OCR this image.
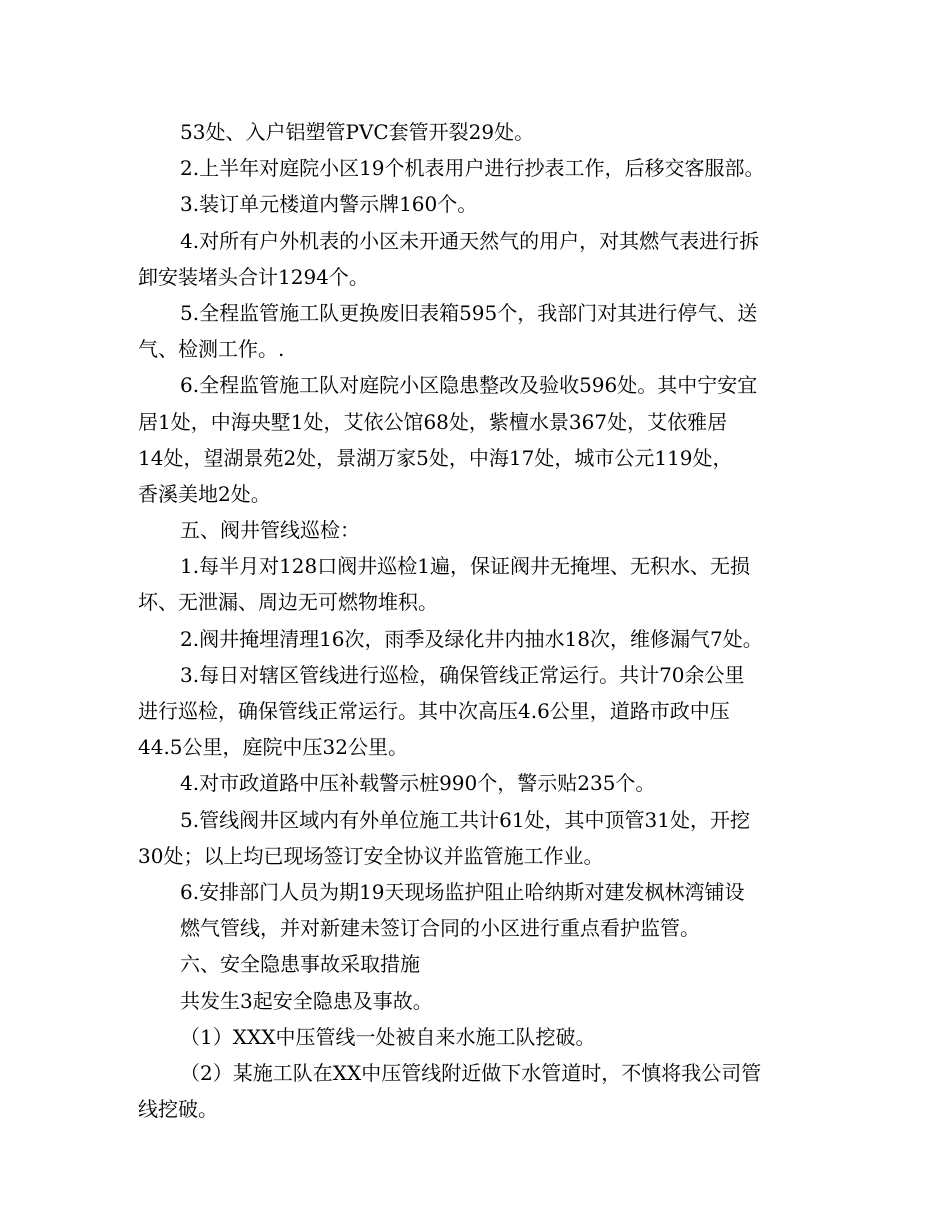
53处、入户铝塑管PVC套管开裂29处。
2.上半年对庭院小区19个机表用户进行抄表工作，后移交客服部。
3.装订单元楼道内警示牌160个。
4.对所有户外机表的小区未开通天然气的用户，对其燃气表进行拆
卸安装堵头合计1294个。
5.全程监管施工队更换废旧表箱595个，我部门对其进行停气、送
气、检测工作。.
6.全程监管施工队对庭院小区隐患整改及验收596处。其中宁安宜
居1处，中海央墅1处，艾依公馆68处，紫檀水景367处，艾依雅居
14处，望湖景苑2处，景湖万家5处，中海17处，城市公元119处，
香溪美地2处。
五、阀井管线巡检：
1.每半月对128口阀井巡检1遍，保证阀井无掩埋、无积水、无损
坏、无泄漏、周边无可燃物堆积。
2.阀井掩埋清理16次，雨季及绿化井内抽水18次，维修漏气7处。
3.每日对辖区管线进行巡检，确保管线正常运行。共计70余公里
进行巡检，确保管线正常运行。其中次高压4.6公里，道路市政中压
44.5公里，庭院中压32公里。
4.对市政道路中压补载警示桩990个，警示贴235个。
5.管线阀井区域内有外单位施工共计61处，其中顶管31处，开挖
30处；以上均已现场签订安全协议并监管施工作业。
6.安排部门人员为期19天现场监护阻止哈纳斯对建发枫林湾铺设
燃气管线，并对新建未签订合同的小区进行重点看护监管。
六、安全隐患事故采取措施
共发生3起安全隐患及事故。
（1）XXX中压管线一处被自来水施工队挖破。
（2）某施工队在XX中压管线附近做下水管道时，不慎将我公司管
线挖破。
